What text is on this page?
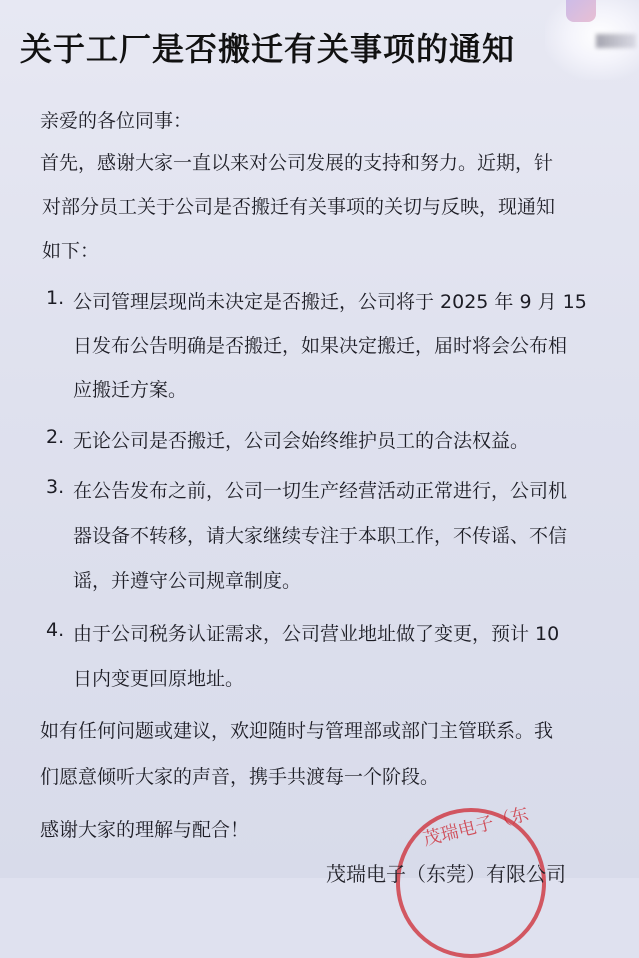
关于工厂是否搬迁有关事项的通知
亲爱的各位同事：
首先，感谢大家一直以来对公司发展的支持和努力。近期，针
对部分员工关于公司是否搬迁有关事项的关切与反映，现通知
如下：
1. 公司管理层现尚未决定是否搬迁，公司将于 2025 年 9 月 15
日发布公告明确是否搬迁，如果决定搬迁，届时将会公布相
应搬迁方案。
2. 无论公司是否搬迁，公司会始终维护员工的合法权益。
3. 在公告发布之前，公司一切生产经营活动正常进行，公司机
器设备不转移，请大家继续专注于本职工作，不传谣、不信
谣，并遵守公司规章制度。
4. 由于公司税务认证需求，公司营业地址做了变更，预计 10
日内变更回原地址。
如有任何问题或建议，欢迎随时与管理部或部门主管联系。我
们愿意倾听大家的声音，携手共渡每一个阶段。
感谢大家的理解与配合！	茂瑞电子（东
茂瑞电子（东莞）有限公司
